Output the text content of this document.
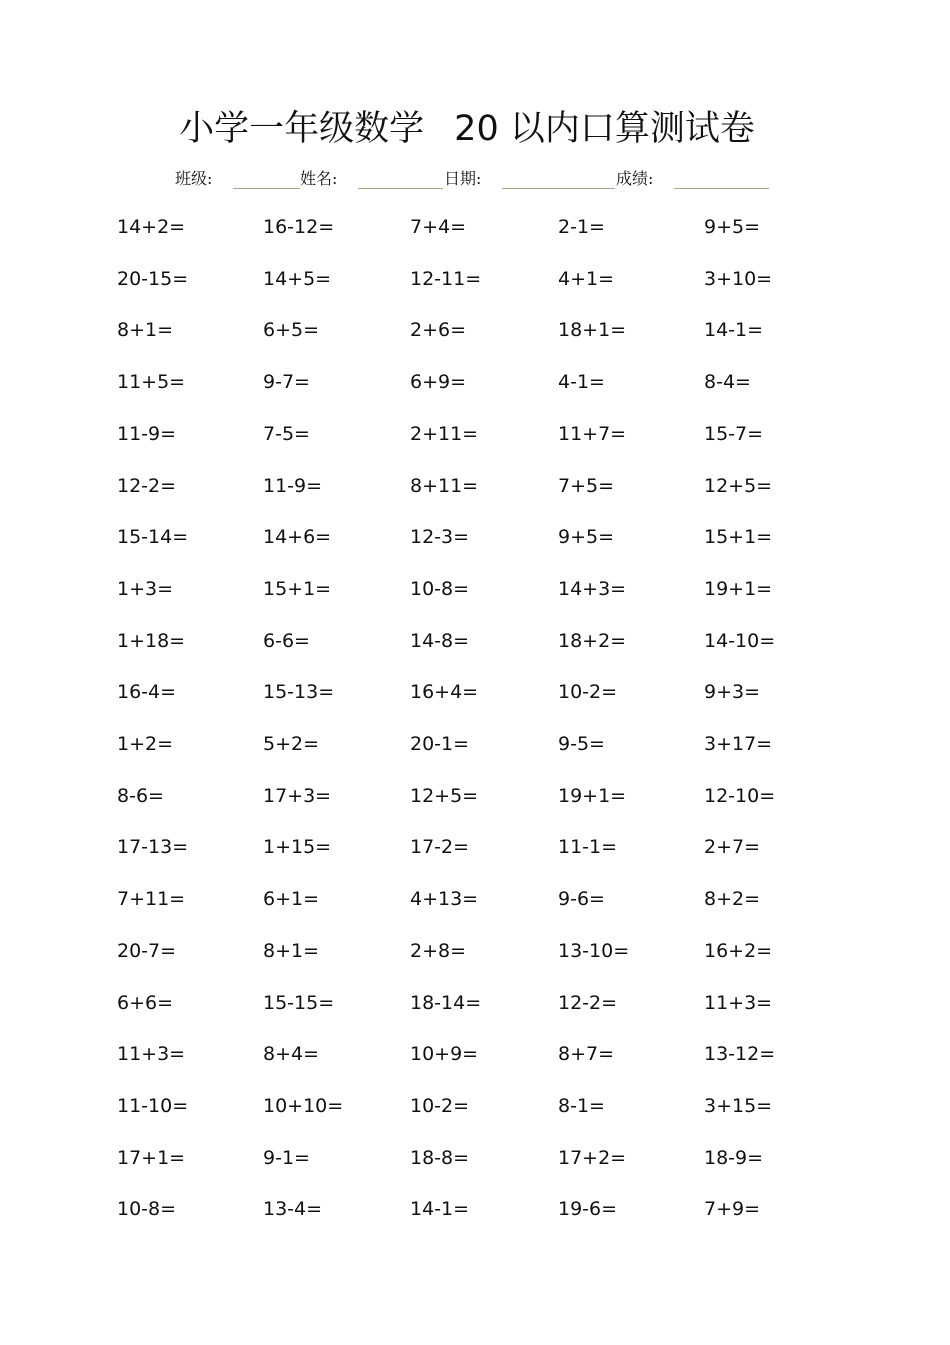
小学一年级数学 20 以内口算测试卷
班级:	姓名:	日期:	成绩:
14+2=	16-12=	7+4=	2-1=	9+5=
20-15=	14+5=	12-11=	4+1=	3+10=
8+1=	6+5=	2+6=	18+1=	14-1=
11+5=	9-7=	6+9=	4-1=	8-4=
11-9=	7-5=	2+11=	11+7=	15-7=
12-2=	11-9=	8+11=	7+5=	12+5=
15-14=	14+6=	12-3=	9+5=	15+1=
1+3=	15+1=	10-8=	14+3=	19+1=
1+18=	6-6=	14-8=	18+2=	14-10=
16-4=	15-13=	16+4=	10-2=	9+3=
1+2=	5+2=	20-1=	9-5=	3+17=
8-6=	17+3=	12+5=	19+1=	12-10=
17-13=	1+15=	17-2=	11-1=	2+7=
7+11=	6+1=	4+13=	9-6=	8+2=
20-7=	8+1=	2+8=	13-10=	16+2=
6+6=	15-15=	18-14=	12-2=	11+3=
11+3=	8+4=	10+9=	8+7=	13-12=
11-10=	10+10=	10-2=	8-1=	3+15=
17+1=	9-1=	18-8=	17+2=	18-9=
10-8=	13-4=	14-1=	19-6=	7+9=
